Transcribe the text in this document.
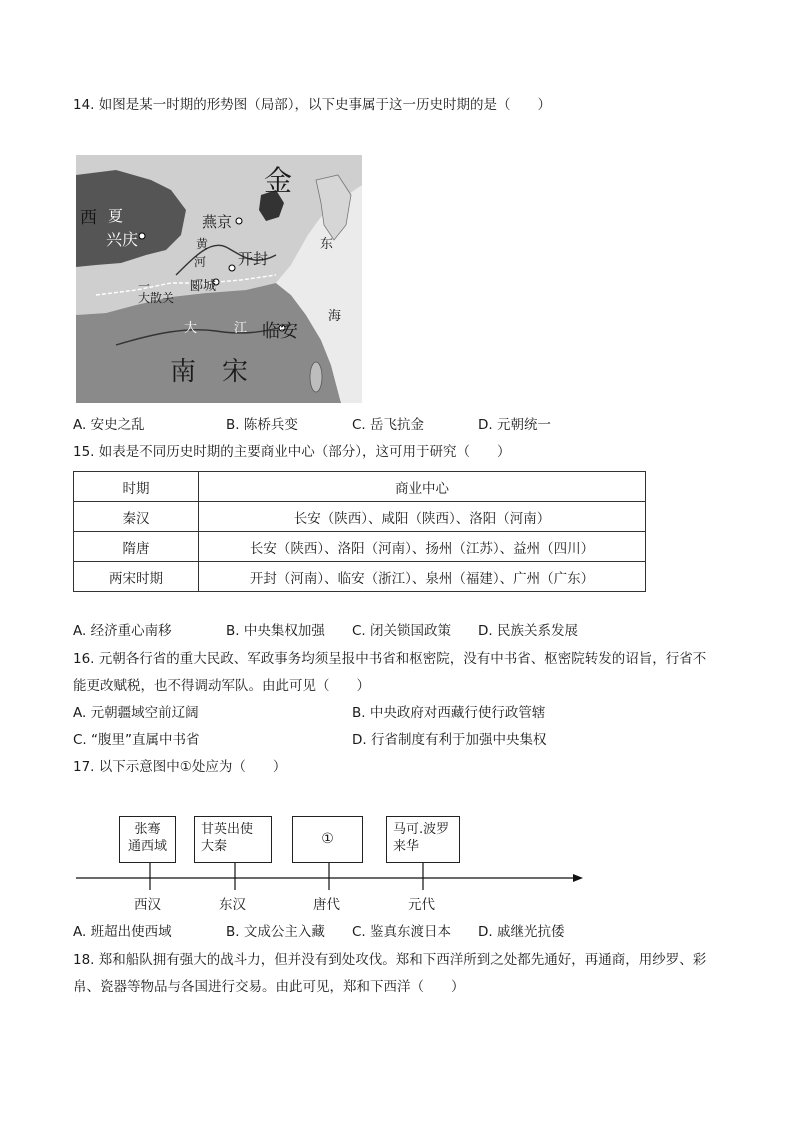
14. 如图是某一时期的形势图（局部），以下史事属于这一历史时期的是（　　）
金
西 夏
兴庆
燕京
开封
黄
河
郾城
一
大散关
大	江 临安
南 宋
东
海
A. 安史之乱	B. 陈桥兵变	C. 岳飞抗金	D. 元朝统一
15. 如表是不同历史时期的主要商业中心（部分），这可用于研究（　　）
时期	商业中心
秦汉	长安（陕西）、咸阳（陕西）、洛阳（河南）
隋唐	长安（陕西）、洛阳（河南）、扬州（江苏）、益州（四川）
两宋时期	开封（河南）、临安（浙江）、泉州（福建）、广州（广东）
A. 经济重心南移	B. 中央集权加强 C. 闭关锁国政策 D. 民族关系发展
16. 元朝各行省的重大民政、军政事务均须呈报中书省和枢密院，没有中书省、枢密院转发的诏旨，行省不
能更改赋税，也不得调动军队。由此可见（　　）
A. 元朝疆域空前辽阔	B. 中央政府对西藏行使行政管辖
C. “腹里”直属中书省	D. 行省制度有利于加强中央集权
17. 以下示意图中①处应为（　　）
张骞
通西域
甘英出使
大秦	①
马可.波罗
来华
西汉	东汉	唐代	元代
A. 班超出使西域	B. 文成公主入藏 C. 鉴真东渡日本 D. 戚继光抗倭
18. 郑和船队拥有强大的战斗力，但并没有到处攻伐。郑和下西洋所到之处都先通好，再通商，用纱罗、彩
帛、瓷器等物品与各国进行交易。由此可见，郑和下西洋（　　）
